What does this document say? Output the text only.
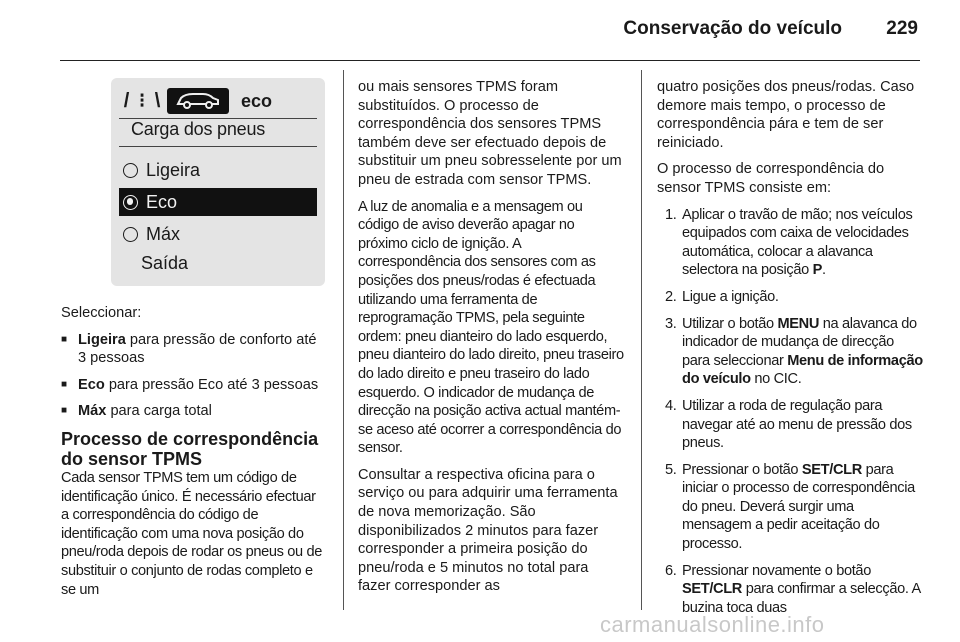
Conservação do veículo 229
/ ⁝ \	eco
Carga dos pneus
Ligeira
Eco
Máx
Saída

Seleccionar:

■ Ligeira para pressão de conforto até 3 pessoas
■ Eco para pressão Eco até 3 pessoas
■ Máx para carga total
Processo de correspondência
do sensor TPMS

Cada sensor TPMS tem um código de identificação único. É necessário efectuar a correspondência do código de identificação com uma nova posição do pneu/roda depois de rodar os pneus ou de substituir o conjunto de rodas completo e se um

ou mais sensores TPMS foram substituídos. O processo de correspondência dos sensores TPMS também deve ser efectuado depois de substituir um pneu sobresselente por um pneu de estrada com sensor TPMS.

A luz de anomalia e a mensagem ou código de aviso deverão apagar no próximo ciclo de ignição. A correspondência dos sensores com as posições dos pneus/rodas é efectuada utilizando uma ferramenta de reprogramação TPMS, pela seguinte ordem: pneu dianteiro do lado esquerdo, pneu dianteiro do lado direito, pneu traseiro do lado direito e pneu traseiro do lado esquerdo. O indicador de mudança de direcção na posição activa actual mantém-se aceso até ocorrer a correspondência do sensor.

Consultar a respectiva oficina para o serviço ou para adquirir uma ferramenta de nova memorização. São disponibilizados 2 minutos para fazer corresponder a primeira posição do pneu/roda e 5 minutos no total para fazer corresponder as

quatro posições dos pneus/rodas. Caso demore mais tempo, o processo de correspondência pára e tem de ser reiniciado.

O processo de correspondência do sensor TPMS consiste em:

1. Aplicar o travão de mão; nos veículos equipados com caixa de velocidades automática, colocar a alavanca selectora na posição P.
2. Ligue a ignição.
3. Utilizar o botão MENU na alavanca do indicador de mudança de direcção para seleccionar Menu de informação do veículo no CIC.
4. Utilizar a roda de regulação para navegar até ao menu de pressão dos pneus.
5. Pressionar o botão SET/CLR para iniciar o processo de correspondência do pneu. Deverá surgir uma mensagem a pedir aceitação do processo.
6. Pressionar novamente o botão SET/CLR para confirmar a selecção. A buzina toca duas
carmanualsonline.info
